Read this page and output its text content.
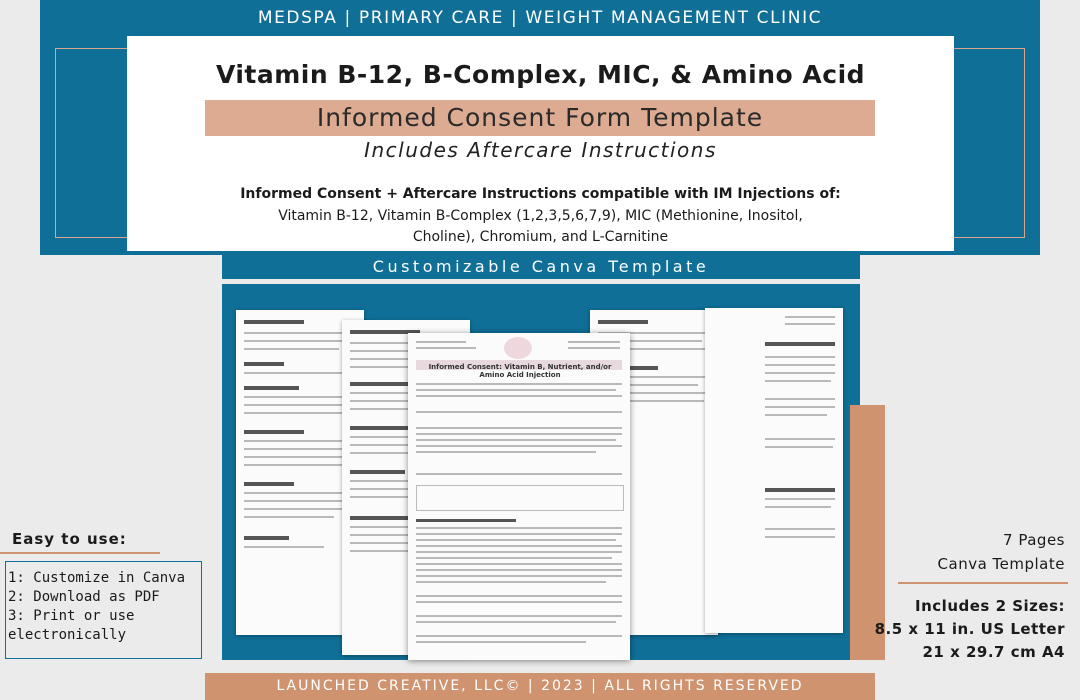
MEDSPA | PRIMARY CARE | WEIGHT MANAGEMENT CLINIC
Vitamin B-12, B-Complex, MIC, & Amino Acid
Informed Consent Form Template
Includes Aftercare Instructions
Informed Consent + Aftercare Instructions compatible with IM Injections of:
Vitamin B-12, Vitamin B-Complex (1,2,3,5,6,7,9), MIC (Methionine, Inositol,
Choline), Chromium, and L-Carnitine
Customizable Canva Template
Informed Consent: Vitamin B, Nutrient, and/or Amino Acid Injection
Easy to use:
1: Customize in Canva
2: Download as PDF
3: Print or use
electronically
7 Pages
Canva Template
Includes 2 Sizes:
8.5 x 11 in. US Letter
21 x 29.7 cm A4
LAUNCHED CREATIVE, LLC© | 2023 | ALL RIGHTS RESERVED
